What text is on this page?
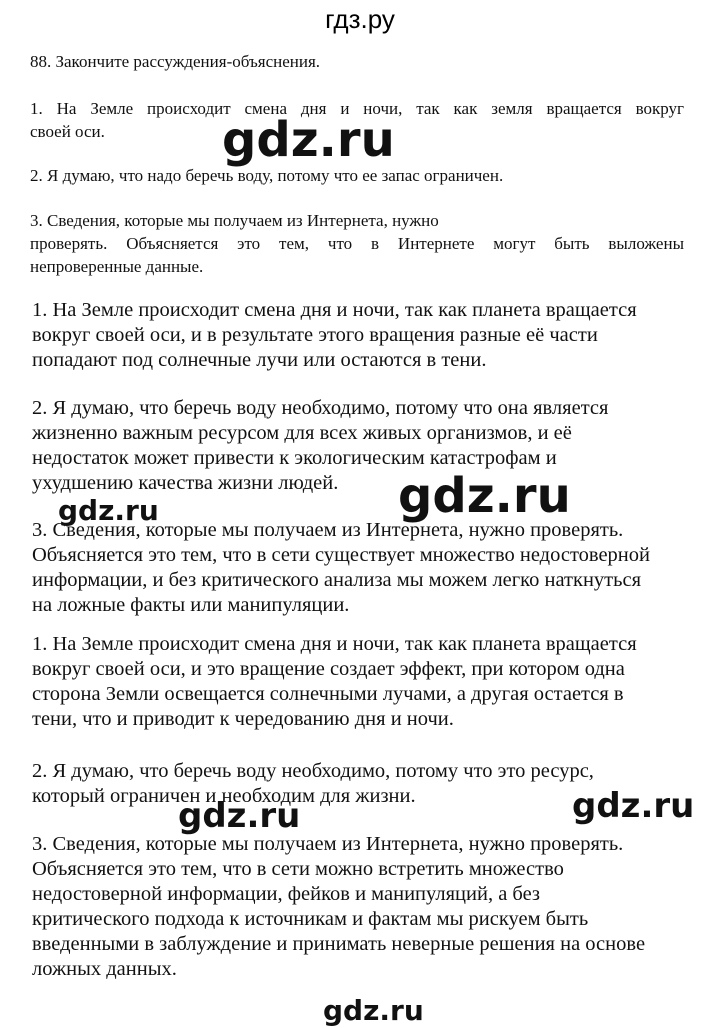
гдз.ру
88. Закончите рассуждения-объяснения.
1. На Земле происходит смена дня и ночи, так как земля вращается вокруг
своей оси.
2. Я думаю, что надо беречь воду, потому что ее запас ограничен.
3. Сведения, которые мы получаем из Интернета, нужно
проверять. Объясняется это тем, что в Интернете могут быть выложены
непроверенные данные.
1. На Земле происходит смена дня и ночи, так как планета вращается
вокруг своей оси, и в результате этого вращения разные её части
попадают под солнечные лучи или остаются в тени.
2. Я думаю, что беречь воду необходимо, потому что она является
жизненно важным ресурсом для всех живых организмов, и её
недостаток может привести к экологическим катастрофам и
ухудшению качества жизни людей.
3. Сведения, которые мы получаем из Интернета, нужно проверять.
Объясняется это тем, что в сети существует множество недостоверной
информации, и без критического анализа мы можем легко наткнуться
на ложные факты или манипуляции.
1. На Земле происходит смена дня и ночи, так как планета вращается
вокруг своей оси, и это вращение создает эффект, при котором одна
сторона Земли освещается солнечными лучами, а другая остается в
тени, что и приводит к чередованию дня и ночи.
2. Я думаю, что беречь воду необходимо, потому что это ресурс,
который ограничен и необходим для жизни.
3. Сведения, которые мы получаем из Интернета, нужно проверять.
Объясняется это тем, что в сети можно встретить множество
недостоверной информации, фейков и манипуляций, а без
критического подхода к источникам и фактам мы рискуем быть
введенными в заблуждение и принимать неверные решения на основе
ложных данных.
gdz.ru
gdz.ru
gdz.ru
gdz.ru
gdz.ru
gdz.ru
